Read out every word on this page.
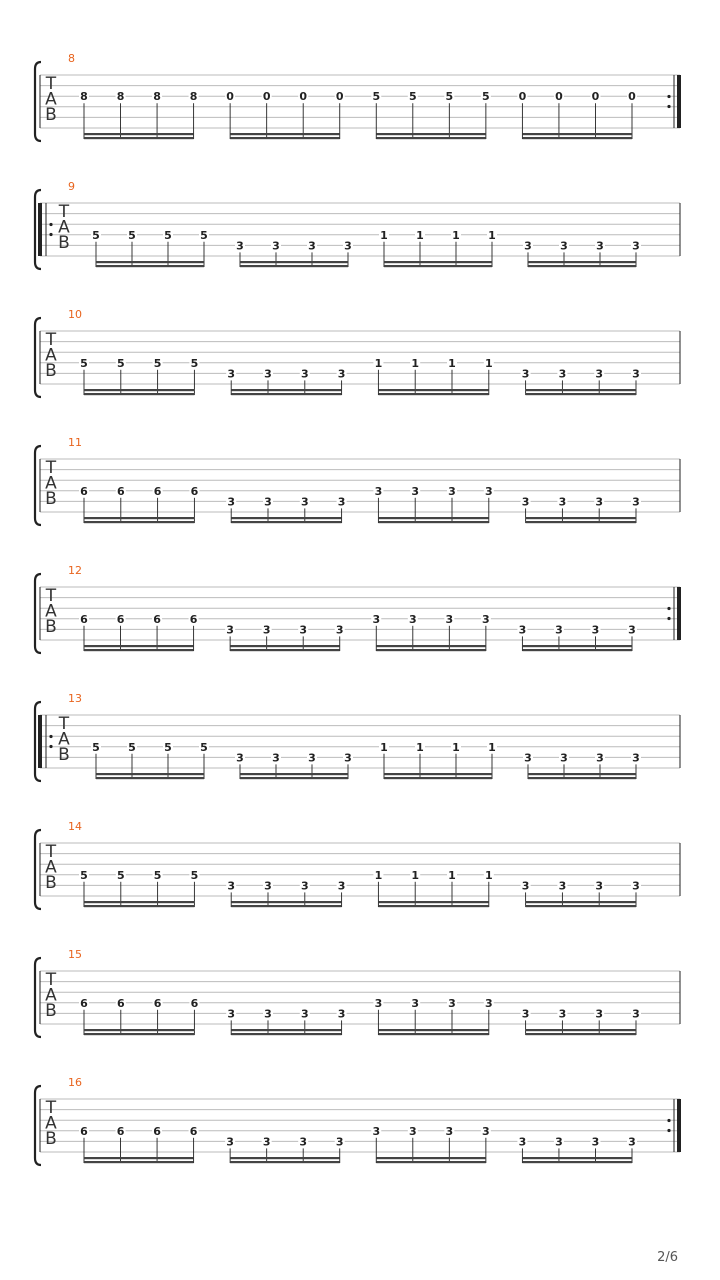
8
T
A
B
8	8	8	8	0	0	0	0	5	5	5	5	0	0	0	0
9
T
A
B 5	5	5	5
3	3	3	3
1	1	1	1
3	3	3	3
10
T
A
B 5	5	5	5
3	3	3	3
1	1	1	1
3	3	3	3
11
T
A
B 6	6	6	6
3	3	3	3
3	3	3	3
3	3	3	3
12
T
A
B 6	6	6	6
3	3	3	3
3	3	3	3
3	3	3	3
13
T
A
B 5	5	5	5
3	3	3	3
1	1	1	1
3	3	3	3
14
T
A
B 5	5	5	5
3	3	3	3
1	1	1	1
3	3	3	3
15
T
A
B 6	6	6	6
3	3	3	3
3	3	3	3
3	3	3	3
16
T
A
B 6	6	6	6
3	3	3	3
3	3	3	3
3	3	3	3
2/6
